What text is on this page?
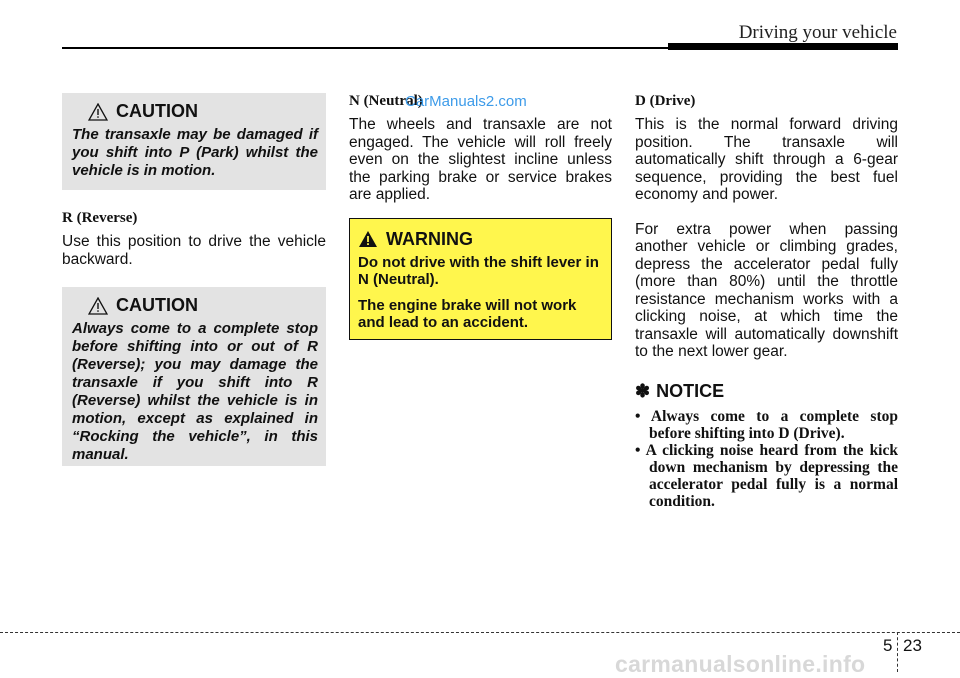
Driving your vehicle
CAUTION

The transaxle may be damaged if you shift into P (Park) whilst the vehicle is in motion.

R (Reverse)

Use this position to drive the vehicle backward.

CAUTION

Always come to a complete stop before shifting into or out of R (Reverse); you may damage the transaxle if you shift into R (Reverse) whilst the vehicle is in motion, except as explained in “Rocking the vehicle”, in this manual.

N (Neutral)

The wheels and transaxle are not engaged. The vehicle will roll freely even on the slightest incline unless the parking brake or service brakes are applied.

WARNING

Do not drive with the shift lever in N (Neutral).

The engine brake will not work and lead to an accident.

CarManuals2.com	D (Drive)

This is the normal forward driving position. The transaxle will automatically shift through a 6-gear sequence, providing the best fuel economy and power.

For extra power when passing another vehicle or climbing grades, depress the accelerator pedal fully (more than 80%) until the throttle resistance mechanism works with a clicking noise, at which time the transaxle will automatically downshift to the next lower gear.

✽ NOTICE
• Always come to a complete stop before shifting into D (Drive).
• A clicking noise heard from the kick down mechanism by depressing the accelerator pedal fully is a normal condition.
5 23
carmanualsonline.info
